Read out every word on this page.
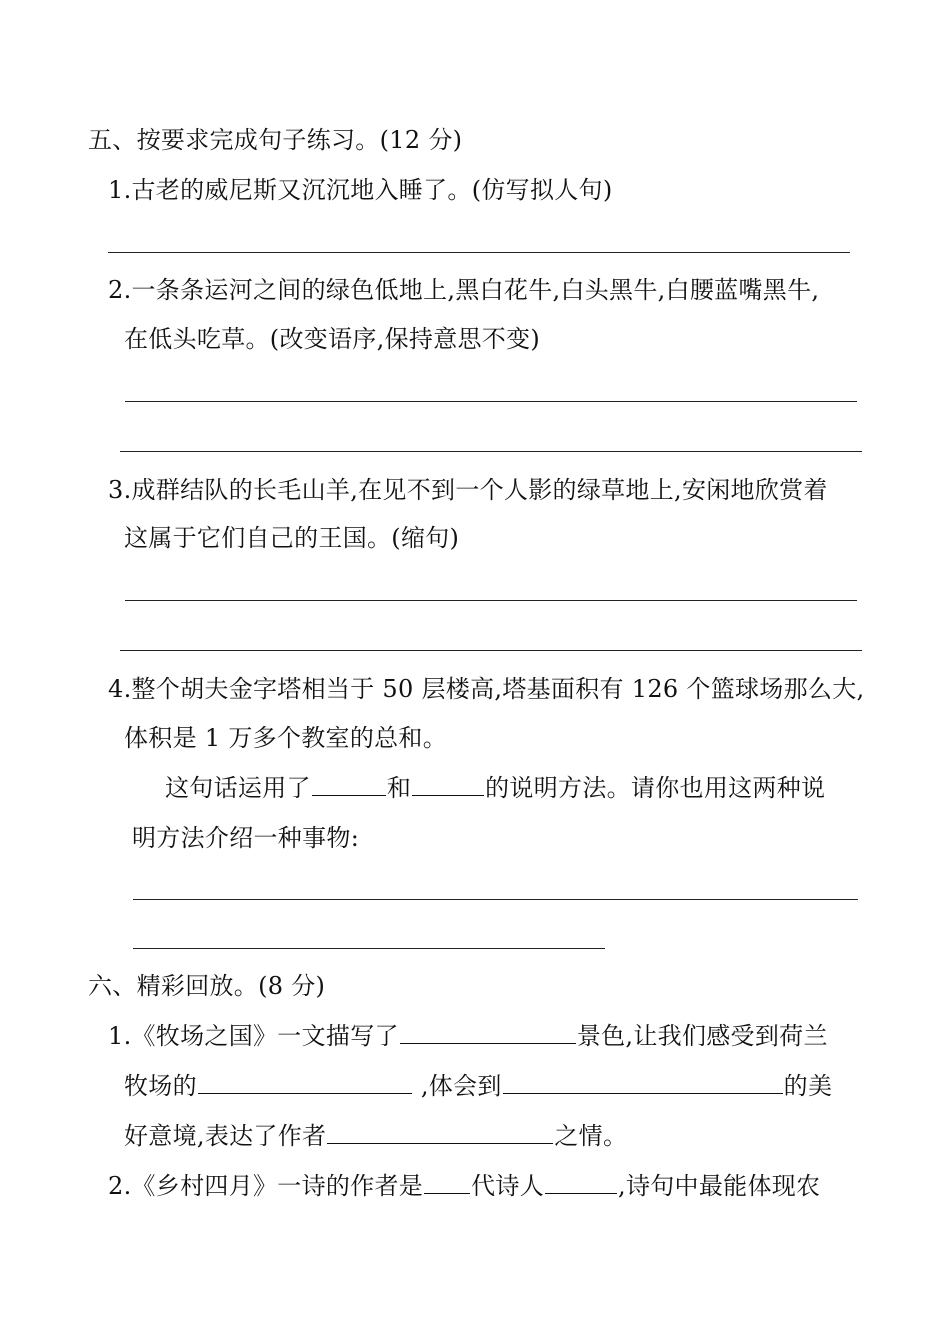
五、按要求完成句子练习。(12 分)
1.古老的威尼斯又沉沉地入睡了。(仿写拟人句)
2.一条条运河之间的绿色低地上,黑白花牛,白头黑牛,白腰蓝嘴黑牛,
在低头吃草。(改变语序,保持意思不变)
3.成群结队的长毛山羊,在见不到一个人影的绿草地上,安闲地欣赏着
这属于它们自己的王国。(缩句)
4.整个胡夫金字塔相当于 50 层楼高,塔基面积有 126 个篮球场那么大,
体积是 1 万多个教室的总和。
这句话运用了	和	的说明方法。请你也用这两种说
明方法介绍一种事物:
六、精彩回放。(8 分)
1.《牧场之国》一文描写了	景色,让我们感受到荷兰
牧场的	,体会到	的美
好意境,表达了作者	之情。
2.《乡村四月》一诗的作者是 代诗人	,诗句中最能体现农
